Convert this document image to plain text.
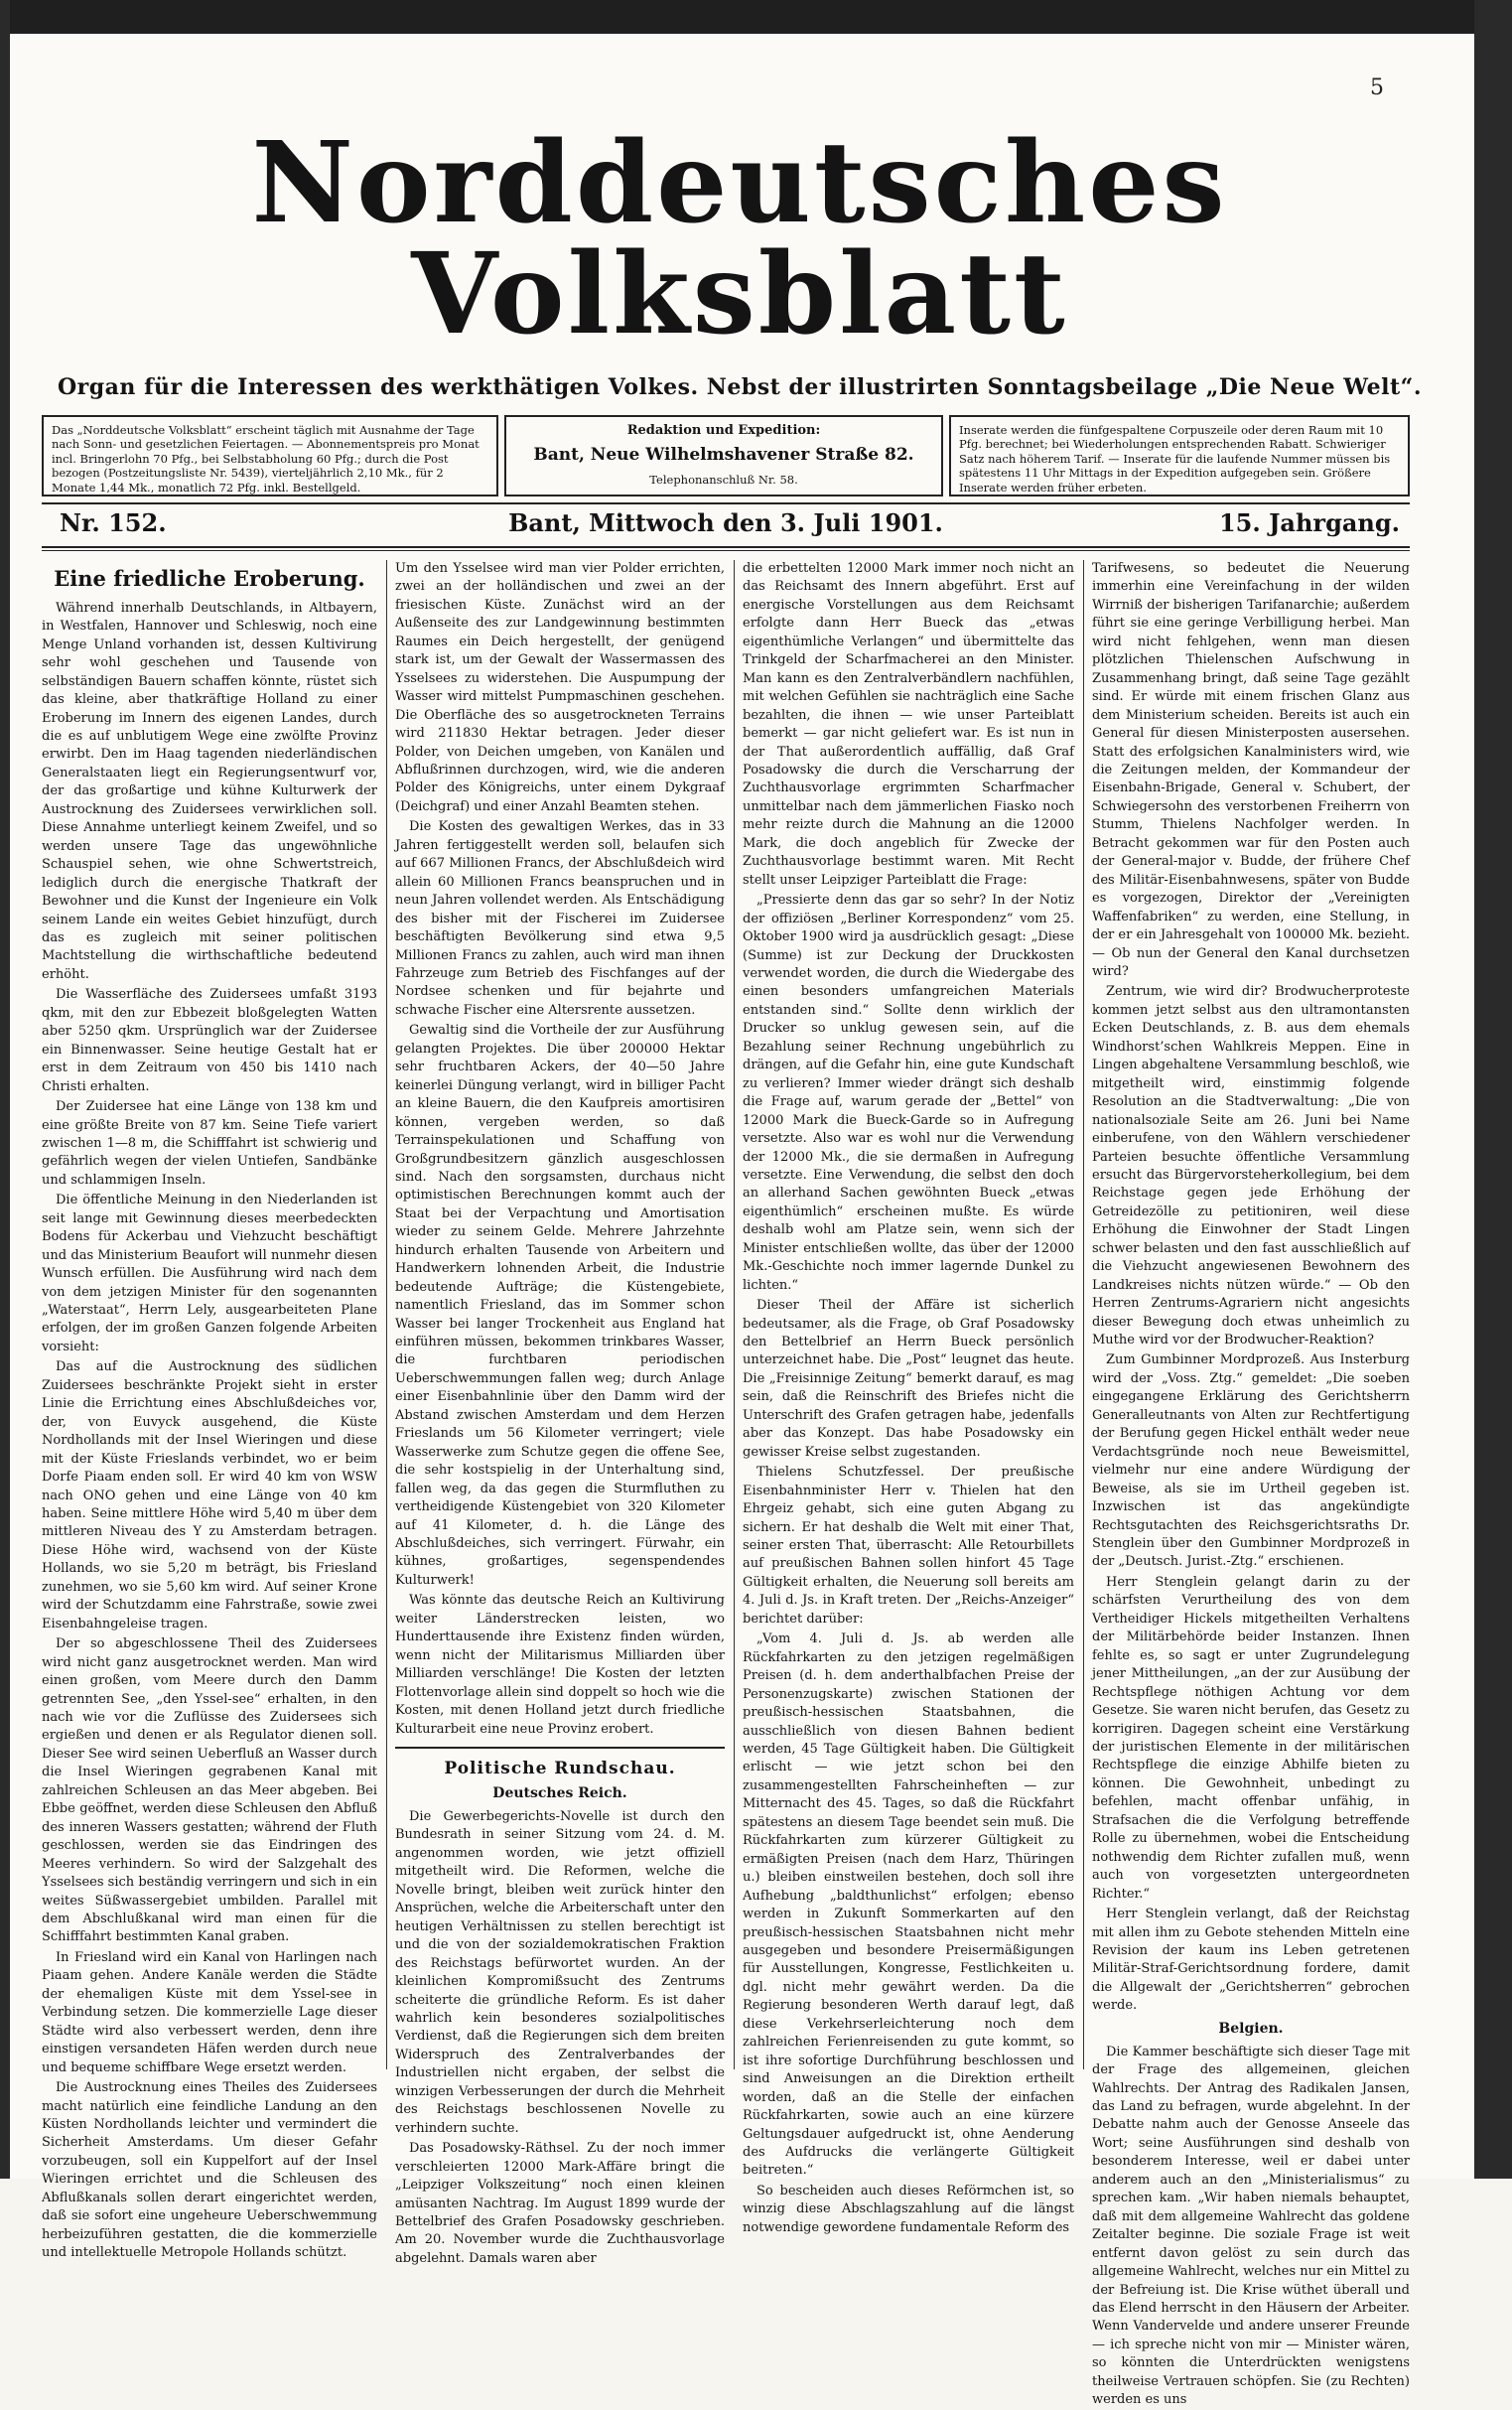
5
Norddeutsches Volksblatt
Organ für die Interessen des werkthätigen Volkes. Nebst der illustrirten Sonntagsbeilage „Die Neue Welt“.
Das „Norddeutsche Volksblatt“ erscheint täglich mit Ausnahme der Tage nach Sonn- und gesetzlichen Feiertagen. — Abonnementspreis pro Monat incl. Bringerlohn 70 Pfg., bei Selbstabholung 60 Pfg.; durch die Post bezogen (Postzeitungsliste Nr. 5439), vierteljährlich 2,10 Mk., für 2 Monate 1,44 Mk., monatlich 72 Pfg. inkl. Bestellgeld.
Redaktion und Expedition:
Bant, Neue Wilhelmshavener Straße 82.
Telephonanschluß Nr. 58.
Inserate werden die fünfgespaltene Corpuszeile oder deren Raum mit 10 Pfg. berechnet; bei Wiederholungen entsprechenden Rabatt. Schwieriger Satz nach höherem Tarif. — Inserate für die laufende Nummer müssen bis spätestens 11 Uhr Mittags in der Expedition aufgegeben sein. Größere Inserate werden früher erbeten.
Nr. 152.	Bant, Mittwoch den 3. Juli 1901.	15. Jahrgang.
Eine friedliche Eroberung.

Während innerhalb Deutschlands, in Altbayern, in Westfalen, Hannover und Schleswig, noch eine Menge Unland vorhanden ist, dessen Kultivirung sehr wohl geschehen und Tausende von selbständigen Bauern schaffen könnte, rüstet sich das kleine, aber thatkräftige Holland zu einer Eroberung im Innern des eigenen Landes, durch die es auf unblutigem Wege eine zwölfte Provinz erwirbt. Den im Haag tagenden niederländischen Generalstaaten liegt ein Regierungsentwurf vor, der das großartige und kühne Kulturwerk der Austrocknung des Zuidersees verwirklichen soll. Diese Annahme unterliegt keinem Zweifel, und so werden unsere Tage das ungewöhnliche Schauspiel sehen, wie ohne Schwertstreich, lediglich durch die energische Thatkraft der Bewohner und die Kunst der Ingenieure ein Volk seinem Lande ein weites Gebiet hinzufügt, durch das es zugleich mit seiner politischen Machtstellung die wirthschaftliche bedeutend erhöht.

Die Wasserfläche des Zuidersees umfaßt 3193 qkm, mit den zur Ebbezeit bloßgelegten Watten aber 5250 qkm. Ursprünglich war der Zuidersee ein Binnenwasser. Seine heutige Gestalt hat er erst in dem Zeitraum von 450 bis 1410 nach Christi erhalten.

Der Zuidersee hat eine Länge von 138 km und eine größte Breite von 87 km. Seine Tiefe variert zwischen 1—8 m, die Schifffahrt ist schwierig und gefährlich wegen der vielen Untiefen, Sandbänke und schlammigen Inseln.

Die öffentliche Meinung in den Niederlanden ist seit lange mit Gewinnung dieses meerbedeckten Bodens für Ackerbau und Viehzucht beschäftigt und das Ministerium Beaufort will nunmehr diesen Wunsch erfüllen. Die Ausführung wird nach dem von dem jetzigen Minister für den sogenannten „Waterstaat“, Herrn Lely, ausgearbeiteten Plane erfolgen, der im großen Ganzen folgende Arbeiten vorsieht:

Das auf die Austrocknung des südlichen Zuidersees beschränkte Projekt sieht in erster Linie die Errichtung eines Abschlußdeiches vor, der, von Euvyck ausgehend, die Küste Nordhollands mit der Insel Wieringen und diese mit der Küste Frieslands verbindet, wo er beim Dorfe Piaam enden soll. Er wird 40 km von WSW nach ONO gehen und eine Länge von 40 km haben. Seine mittlere Höhe wird 5,40 m über dem mittleren Niveau des Y zu Amsterdam betragen. Diese Höhe wird, wachsend von der Küste Hollands, wo sie 5,20 m beträgt, bis Friesland zunehmen, wo sie 5,60 km wird. Auf seiner Krone wird der Schutzdamm eine Fahrstraße, sowie zwei Eisenbahngeleise tragen.

Der so abgeschlossene Theil des Zuidersees wird nicht ganz ausgetrocknet werden. Man wird einen großen, vom Meere durch den Damm getrennten See, „den Yssel-see“ erhalten, in den nach wie vor die Zuflüsse des Zuidersees sich ergießen und denen er als Regulator dienen soll. Dieser See wird seinen Ueberfluß an Wasser durch die Insel Wieringen gegrabenen Kanal mit zahlreichen Schleusen an das Meer abgeben. Bei Ebbe geöffnet, werden diese Schleusen den Abfluß des inneren Wassers gestatten; während der Fluth geschlossen, werden sie das Eindringen des Meeres verhindern. So wird der Salzgehalt des Ysselsees sich beständig verringern und sich in ein weites Süßwassergebiet umbilden. Parallel mit dem Abschlußkanal wird man einen für die Schifffahrt bestimmten Kanal graben.

In Friesland wird ein Kanal von Harlingen nach Piaam gehen. Andere Kanäle werden die Städte der ehemaligen Küste mit dem Yssel-see in Verbindung setzen. Die kommerzielle Lage dieser Städte wird also verbessert werden, denn ihre einstigen versandeten Häfen werden durch neue und bequeme schiffbare Wege ersetzt werden.

Die Austrocknung eines Theiles des Zuidersees macht natürlich eine feindliche Landung an den Küsten Nordhollands leichter und vermindert die Sicherheit Amsterdams. Um dieser Gefahr vorzubeugen, soll ein Kuppelfort auf der Insel Wieringen errichtet und die Schleusen des Abflußkanals sollen derart eingerichtet werden, daß sie sofort eine ungeheure Ueberschwemmung herbeizuführen gestatten, die die kommerzielle und intellektuelle Metropole Hollands schützt.

Um den Ysselsee wird man vier Polder errichten, zwei an der holländischen und zwei an der friesischen Küste. Zunächst wird an der Außenseite des zur Landgewinnung bestimmten Raumes ein Deich hergestellt, der genügend stark ist, um der Gewalt der Wassermassen des Ysselsees zu widerstehen. Die Auspumpung der Wasser wird mittelst Pumpmaschinen geschehen. Die Oberfläche des so ausgetrockneten Terrains wird 211830 Hektar betragen. Jeder dieser Polder, von Deichen umgeben, von Kanälen und Abflußrinnen durchzogen, wird, wie die anderen Polder des Königreichs, unter einem Dykgraaf (Deichgraf) und einer Anzahl Beamten stehen.

Die Kosten des gewaltigen Werkes, das in 33 Jahren fertiggestellt werden soll, belaufen sich auf 667 Millionen Francs, der Abschlußdeich wird allein 60 Millionen Francs beanspruchen und in neun Jahren vollendet werden. Als Entschädigung des bisher mit der Fischerei im Zuidersee beschäftigten Bevölkerung sind etwa 9,5 Millionen Francs zu zahlen, auch wird man ihnen Fahrzeuge zum Betrieb des Fischfanges auf der Nordsee schenken und für bejahrte und schwache Fischer eine Altersrente aussetzen.

Gewaltig sind die Vortheile der zur Ausführung gelangten Projektes. Die über 200000 Hektar sehr fruchtbaren Ackers, der 40—50 Jahre keinerlei Düngung verlangt, wird in billiger Pacht an kleine Bauern, die den Kaufpreis amortisiren können, vergeben werden, so daß Terrainspekulationen und Schaffung von Großgrundbesitzern gänzlich ausgeschlossen sind. Nach den sorgsamsten, durchaus nicht optimistischen Berechnungen kommt auch der Staat bei der Verpachtung und Amortisation wieder zu seinem Gelde. Mehrere Jahrzehnte hindurch erhalten Tausende von Arbeitern und Handwerkern lohnenden Arbeit, die Industrie bedeutende Aufträge; die Küstengebiete, namentlich Friesland, das im Sommer schon Wasser bei langer Trockenheit aus England hat einführen müssen, bekommen trinkbares Wasser, die furchtbaren periodischen Ueberschwemmungen fallen weg; durch Anlage einer Eisenbahnlinie über den Damm wird der Abstand zwischen Amsterdam und dem Herzen Frieslands um 56 Kilometer verringert; viele Wasserwerke zum Schutze gegen die offene See, die sehr kostspielig in der Unterhaltung sind, fallen weg, da das gegen die Sturmfluthen zu vertheidigende Küstengebiet von 320 Kilometer auf 41 Kilometer, d. h. die Länge des Abschlußdeiches, sich verringert. Fürwahr, ein kühnes, großartiges, segenspendendes Kulturwerk!

Was könnte das deutsche Reich an Kultivirung weiter Länderstrecken leisten, wo Hunderttausende ihre Existenz finden würden, wenn nicht der Militarismus Milliarden über Milliarden verschlänge! Die Kosten der letzten Flottenvorlage allein sind doppelt so hoch wie die Kosten, mit denen Holland jetzt durch friedliche Kulturarbeit eine neue Provinz erobert.

Politische Rundschau.
Deutsches Reich.

Die Gewerbegerichts-Novelle ist durch den Bundesrath in seiner Sitzung vom 24. d. M. angenommen worden, wie jetzt offiziell mitgetheilt wird. Die Reformen, welche die Novelle bringt, bleiben weit zurück hinter den Ansprüchen, welche die Arbeiterschaft unter den heutigen Verhältnissen zu stellen berechtigt ist und die von der sozialdemokratischen Fraktion des Reichstags befürwortet wurden. An der kleinlichen Kompromißsucht des Zentrums scheiterte die gründliche Reform. Es ist daher wahrlich kein besonderes sozialpolitisches Verdienst, daß die Regierungen sich dem breiten Widerspruch des Zentralverbandes der Industriellen nicht ergaben, der selbst die winzigen Verbesserungen der durch die Mehrheit des Reichstags beschlossenen Novelle zu verhindern suchte.

Das Posadowsky-Räthsel. Zu der noch immer verschleierten 12000 Mark-Affäre bringt die „Leipziger Volkszeitung“ noch einen kleinen amüsanten Nachtrag. Im August 1899 wurde der Bettelbrief des Grafen Posadowsky geschrieben. Am 20. November wurde die Zuchthausvorlage abgelehnt. Damals waren aber

die erbettelten 12000 Mark immer noch nicht an das Reichsamt des Innern abgeführt. Erst auf energische Vorstellungen aus dem Reichsamt erfolgte dann Herr Bueck das „etwas eigenthümliche Verlangen“ und übermittelte das Trinkgeld der Scharfmacherei an den Minister. Man kann es den Zentralverbändlern nachfühlen, mit welchen Gefühlen sie nachträglich eine Sache bezahlten, die ihnen — wie unser Parteiblatt bemerkt — gar nicht geliefert war. Es ist nun in der That außerordentlich auffällig, daß Graf Posadowsky die durch die Verscharrung der Zuchthausvorlage ergrimmten Scharfmacher unmittelbar nach dem jämmerlichen Fiasko noch mehr reizte durch die Mahnung an die 12000 Mark, die doch angeblich für Zwecke der Zuchthausvorlage bestimmt waren. Mit Recht stellt unser Leipziger Parteiblatt die Frage:

„Pressierte denn das gar so sehr? In der Notiz der offiziösen „Berliner Korrespondenz“ vom 25. Oktober 1900 wird ja ausdrücklich gesagt: „Diese (Summe) ist zur Deckung der Druckkosten verwendet worden, die durch die Wiedergabe des einen besonders umfangreichen Materials entstanden sind.“ Sollte denn wirklich der Drucker so unklug gewesen sein, auf die Bezahlung seiner Rechnung ungebührlich zu drängen, auf die Gefahr hin, eine gute Kundschaft zu verlieren? Immer wieder drängt sich deshalb die Frage auf, warum gerade der „Bettel“ von 12000 Mark die Bueck-Garde so in Aufregung versetzte. Also war es wohl nur die Verwendung der 12000 Mk., die sie dermaßen in Aufregung versetzte. Eine Verwendung, die selbst den doch an allerhand Sachen gewöhnten Bueck „etwas eigenthümlich“ erscheinen mußte. Es würde deshalb wohl am Platze sein, wenn sich der Minister entschließen wollte, das über der 12000 Mk.-Geschichte noch immer lagernde Dunkel zu lichten.“

Dieser Theil der Affäre ist sicherlich bedeutsamer, als die Frage, ob Graf Posadowsky den Bettelbrief an Herrn Bueck persönlich unterzeichnet habe. Die „Post“ leugnet das heute. Die „Freisinnige Zeitung“ bemerkt darauf, es mag sein, daß die Reinschrift des Briefes nicht die Unterschrift des Grafen getragen habe, jedenfalls aber das Konzept. Das habe Posadowsky ein gewisser Kreise selbst zugestanden.

Thielens Schutzfessel. Der preußische Eisenbahnminister Herr v. Thielen hat den Ehrgeiz gehabt, sich eine guten Abgang zu sichern. Er hat deshalb die Welt mit einer That, seiner ersten That, überrascht: Alle Retourbillets auf preußischen Bahnen sollen hinfort 45 Tage Gültigkeit erhalten, die Neuerung soll bereits am 4. Juli d. Js. in Kraft treten. Der „Reichs-Anzeiger“ berichtet darüber:

„Vom 4. Juli d. Js. ab werden alle Rückfahrkarten zu den jetzigen regelmäßigen Preisen (d. h. dem anderthalbfachen Preise der Personenzugskarte) zwischen Stationen der preußisch-hessischen Staatsbahnen, die ausschließlich von diesen Bahnen bedient werden, 45 Tage Gültigkeit haben. Die Gültigkeit erlischt — wie jetzt schon bei den zusammengestellten Fahrscheinheften — zur Mitternacht des 45. Tages, so daß die Rückfahrt spätestens an diesem Tage beendet sein muß. Die Rückfahrkarten zum kürzerer Gültigkeit zu ermäßigten Preisen (nach dem Harz, Thüringen u.) bleiben einstweilen bestehen, doch soll ihre Aufhebung „baldthunlichst“ erfolgen; ebenso werden in Zukunft Sommerkarten auf den preußisch-hessischen Staatsbahnen nicht mehr ausgegeben und besondere Preisermäßigungen für Ausstellungen, Kongresse, Festlichkeiten u. dgl. nicht mehr gewährt werden. Da die Regierung besonderen Werth darauf legt, daß diese Verkehrserleichterung noch dem zahlreichen Ferienreisenden zu gute kommt, so ist ihre sofortige Durchführung beschlossen und sind Anweisungen an die Direktion ertheilt worden, daß an die Stelle der einfachen Rückfahrkarten, sowie auch an eine kürzere Geltungsdauer aufgedruckt ist, ohne Aenderung des Aufdrucks die verlängerte Gültigkeit beitreten.“

So bescheiden auch dieses Reförmchen ist, so winzig diese Abschlagszahlung auf die längst notwendige gewordene fundamentale Reform des

Tarifwesens, so bedeutet die Neuerung immerhin eine Vereinfachung in der wilden Wirrniß der bisherigen Tarifanarchie; außerdem führt sie eine geringe Verbilligung herbei. Man wird nicht fehlgehen, wenn man diesen plötzlichen Thielenschen Aufschwung in Zusammenhang bringt, daß seine Tage gezählt sind. Er würde mit einem frischen Glanz aus dem Ministerium scheiden. Bereits ist auch ein General für diesen Ministerposten ausersehen. Statt des erfolgsichen Kanalministers wird, wie die Zeitungen melden, der Kommandeur der Eisenbahn-Brigade, General v. Schubert, der Schwiegersohn des verstorbenen Freiherrn von Stumm, Thielens Nachfolger werden. In Betracht gekommen war für den Posten auch der General-major v. Budde, der frühere Chef des Militär-Eisenbahnwesens, später von Budde es vorgezogen, Direktor der „Vereinigten Waffenfabriken“ zu werden, eine Stellung, in der er ein Jahresgehalt von 100000 Mk. bezieht. — Ob nun der General den Kanal durchsetzen wird?

Zentrum, wie wird dir? Brodwucherproteste kommen jetzt selbst aus den ultramontansten Ecken Deutschlands, z. B. aus dem ehemals Windhorst’schen Wahlkreis Meppen. Eine in Lingen abgehaltene Versammlung beschloß, wie mitgetheilt wird, einstimmig folgende Resolution an die Stadtverwaltung: „Die von nationalsoziale Seite am 26. Juni bei Name einberufene, von den Wählern verschiedener Parteien besuchte öffentliche Versammlung ersucht das Bürgervorsteherkollegium, bei dem Reichstage gegen jede Erhöhung der Getreidezölle zu petitioniren, weil diese Erhöhung die Einwohner der Stadt Lingen schwer belasten und den fast ausschließlich auf die Viehzucht angewiesenen Bewohnern des Landkreises nichts nützen würde.“ — Ob den Herren Zentrums-Agrariern nicht angesichts dieser Bewegung doch etwas unheimlich zu Muthe wird vor der Brodwucher-Reaktion?

Zum Gumbinner Mordprozeß. Aus Insterburg wird der „Voss. Ztg.“ gemeldet: „Die soeben eingegangene Erklärung des Gerichtsherrn Generalleutnants von Alten zur Rechtfertigung der Berufung gegen Hickel enthält weder neue Verdachtsgründe noch neue Beweismittel, vielmehr nur eine andere Würdigung der Beweise, als sie im Urtheil gegeben ist. Inzwischen ist das angekündigte Rechtsgutachten des Reichsgerichtsraths Dr. Stenglein über den Gumbinner Mordprozeß in der „Deutsch. Jurist.-Ztg.“ erschienen.

Herr Stenglein gelangt darin zu der schärfsten Verurtheilung des von dem Vertheidiger Hickels mitgetheilten Verhaltens der Militärbehörde beider Instanzen. Ihnen fehlte es, so sagt er unter Zugrundelegung jener Mittheilungen, „an der zur Ausübung der Rechtspflege nöthigen Achtung vor dem Gesetze. Sie waren nicht berufen, das Gesetz zu korrigiren. Dagegen scheint eine Verstärkung der juristischen Elemente in der militärischen Rechtspflege die einzige Abhilfe bieten zu können. Die Gewohnheit, unbedingt zu befehlen, macht offenbar unfähig, in Strafsachen die die Verfolgung betreffende Rolle zu übernehmen, wobei die Entscheidung nothwendig dem Richter zufallen muß, wenn auch von vorgesetzten untergeordneten Richter.“

Herr Stenglein verlangt, daß der Reichstag mit allen ihm zu Gebote stehenden Mitteln eine Revision der kaum ins Leben getretenen Militär-Straf-Gerichtsordnung fordere, damit die Allgewalt der „Gerichtsherren“ gebrochen werde.

Belgien.

Die Kammer beschäftigte sich dieser Tage mit der Frage des allgemeinen, gleichen Wahlrechts. Der Antrag des Radikalen Jansen, das Land zu befragen, wurde abgelehnt. In der Debatte nahm auch der Genosse Anseele das Wort; seine Ausführungen sind deshalb von besonderem Interesse, weil er dabei unter anderem auch an den „Ministerialismus“ zu sprechen kam. „Wir haben niemals behauptet, daß mit dem allgemeine Wahlrecht das goldene Zeitalter beginne. Die soziale Frage ist weit entfernt davon gelöst zu sein durch das allgemeine Wahlrecht, welches nur ein Mittel zu der Befreiung ist. Die Krise wüthet überall und das Elend herrscht in den Häusern der Arbeiter. Wenn Vandervelde und andere unserer Freunde — ich spreche nicht von mir — Minister wären, so könnten die Unterdrückten wenigstens theilweise Vertrauen schöpfen. Sie (zu Rechten) werden es uns
